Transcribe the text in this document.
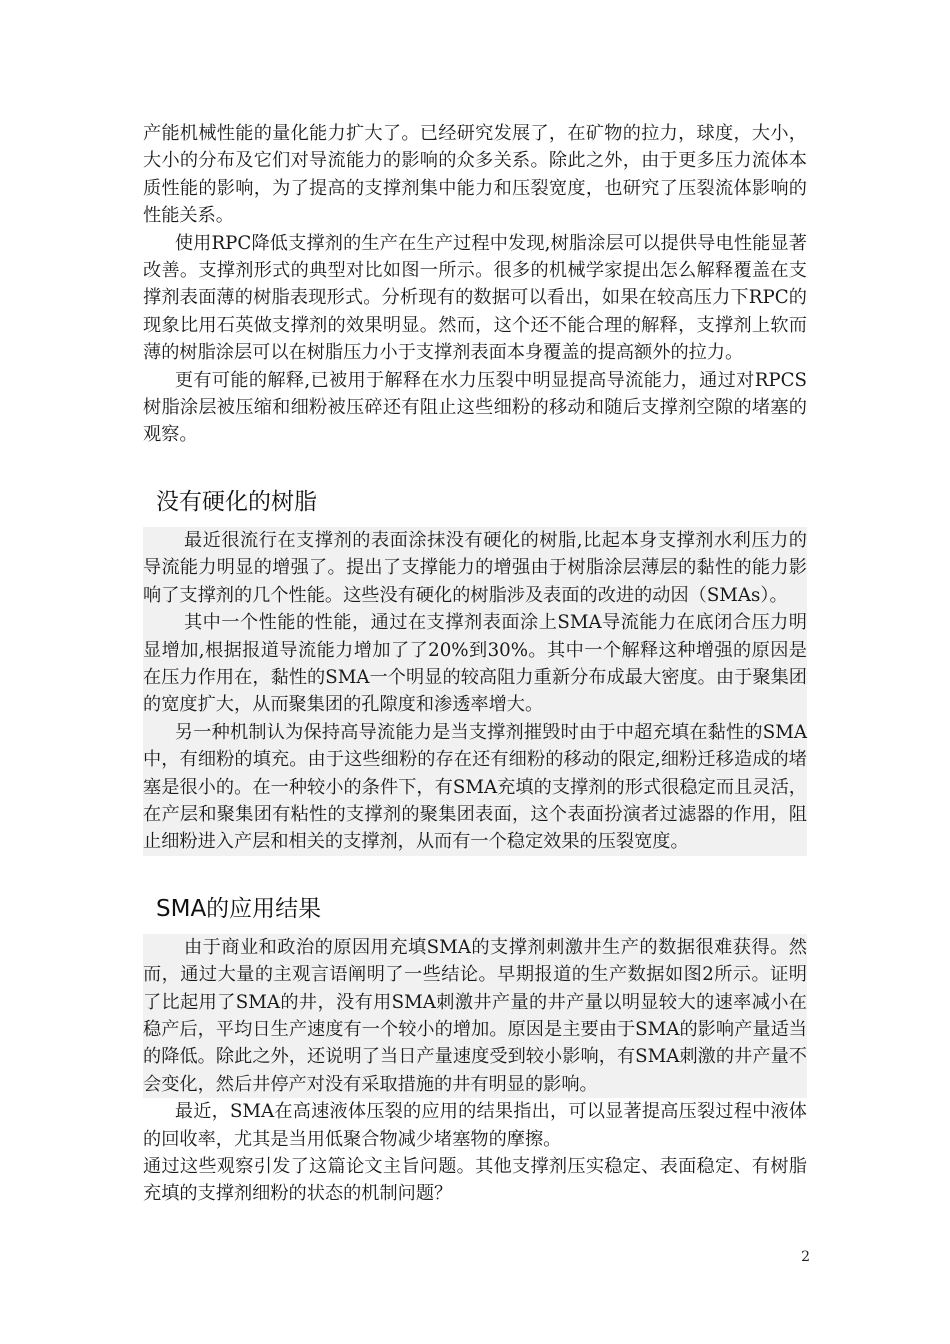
产能机械性能的量化能力扩大了。已经研究发展了，在矿物的拉力，球度，大小，大小的分布及它们对导流能力的影响的众多关系。除此之外，由于更多压力流体本质性能的影响，为了提高的支撑剂集中能力和压裂宽度，也研究了压裂流体影响的性能关系。

使用RPC降低支撑剂的生产在生产过程中发现,树脂涂层可以提供导电性能显著改善。支撑剂形式的典型对比如图一所示。很多的机械学家提出怎么解释覆盖在支撑剂表面薄的树脂表现形式。分析现有的数据可以看出，如果在较高压力下RPC的现象比用石英做支撑剂的效果明显。然而，这个还不能合理的解释，支撑剂上软而薄的树脂涂层可以在树脂压力小于支撑剂表面本身覆盖的提高额外的拉力。

更有可能的解释,已被用于解释在水力压裂中明显提高导流能力，通过对RPCS树脂涂层被压缩和细粉被压碎还有阻止这些细粉的移动和随后支撑剂空隙的堵塞的观察。

没有硬化的树脂

最近很流行在支撑剂的表面涂抹没有硬化的树脂,比起本身支撑剂水利压力的导流能力明显的增强了。提出了支撑能力的增强由于树脂涂层薄层的黏性的能力影响了支撑剂的几个性能。这些没有硬化的树脂涉及表面的改进的动因（SMAs）。

其中一个性能的性能，通过在支撑剂表面涂上SMA导流能力在底闭合压力明显增加,根据报道导流能力增加了了20%到30%。其中一个解释这种增强的原因是在压力作用在，黏性的SMA一个明显的较高阻力重新分布成最大密度。由于聚集团的宽度扩大，从而聚集团的孔隙度和渗透率增大。

另一种机制认为保持高导流能力是当支撑剂摧毁时由于中超充填在黏性的SMA中，有细粉的填充。由于这些细粉的存在还有细粉的移动的限定,细粉迁移造成的堵塞是很小的。在一种较小的条件下，有SMA充填的支撑剂的形式很稳定而且灵活，在产层和聚集团有粘性的支撑剂的聚集团表面，这个表面扮演者过滤器的作用，阻止细粉进入产层和相关的支撑剂，从而有一个稳定效果的压裂宽度。

SMA的应用结果

由于商业和政治的原因用充填SMA的支撑剂刺激井生产的数据很难获得。然而，通过大量的主观言语阐明了一些结论。早期报道的生产数据如图2所示。证明了比起用了SMA的井，没有用SMA刺激井产量的井产量以明显较大的速率减小在稳产后，平均日生产速度有一个较小的增加。原因是主要由于SMA的影响产量适当的降低。除此之外，还说明了当日产量速度受到较小影响，有SMA刺激的井产量不会变化，然后井停产对没有采取措施的井有明显的影响。

最近，SMA在高速液体压裂的应用的结果指出，可以显著提高压裂过程中液体的回收率，尤其是当用低聚合物减少堵塞物的摩擦。

通过这些观察引发了这篇论文主旨问题。其他支撑剂压实稳定、表面稳定、有树脂充填的支撑剂细粉的状态的机制问题？

2
